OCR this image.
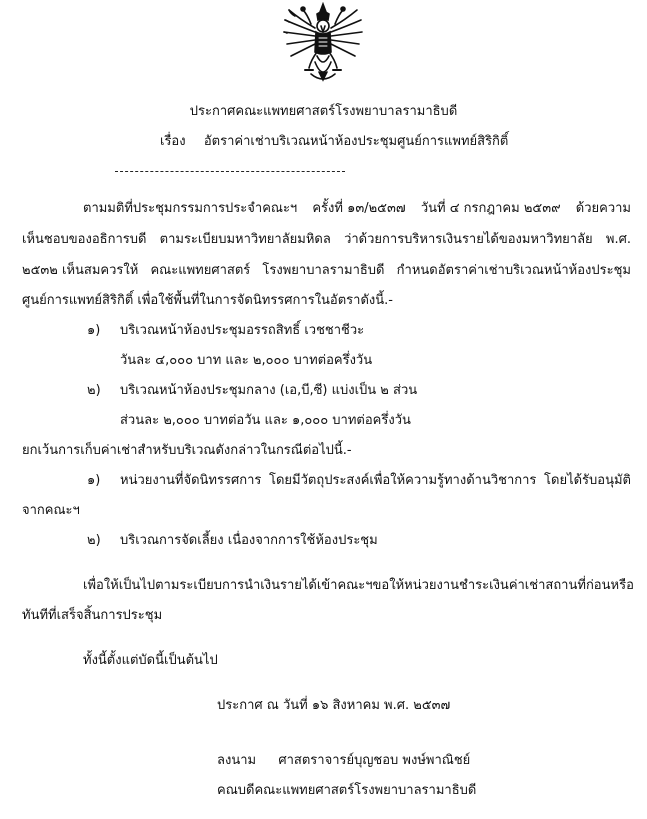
ประกาศคณะแพทยศาสตร์โรงพยาบาลรามาธิบดี
เรื่อง อัตราค่าเช่าบริเวณหน้าห้องประชุมศูนย์การแพทย์สิริกิติ์
ตามมติที่ประชุมกรรมการประจำคณะฯ ครั้งที่ ๑๓/๒๕๓๗ วันที่ ๔ กรกฎาคม ๒๕๓๙ ด้วยความ
เห็นชอบของอธิการบดี ตามระเบียบมหาวิทยาลัยมหิดล ว่าด้วยการบริหารเงินรายได้ของมหาวิทยาลัย พ.ศ.
๒๕๓๒ เห็นสมควรให้ คณะแพทยศาสตร์ โรงพยาบาลรามาธิบดี กำหนดอัตราค่าเช่าบริเวณหน้าห้องประชุม
ศูนย์การแพทย์สิริกิติ์ เพื่อใช้พื้นที่ในการจัดนิทรรศการในอัตราดังนี้.-
๑) บริเวณหน้าห้องประชุมอรรถสิทธิ์ เวชชาชีวะ
วันละ ๔,๐๐๐ บาท และ ๒,๐๐๐ บาทต่อครึ่งวัน
๒) บริเวณหน้าห้องประชุมกลาง (เอ,บี,ซี) แบ่งเป็น ๒ ส่วน
ส่วนละ ๒,๐๐๐ บาทต่อวัน และ ๑,๐๐๐ บาทต่อครึ่งวัน
ยกเว้นการเก็บค่าเช่าสำหรับบริเวณดังกล่าวในกรณีต่อไปนี้.-
๑) หน่วยงานที่จัดนิทรรศการ โดยมีวัตถุประสงค์เพื่อให้ความรู้ทางด้านวิชาการ โดยได้รับอนุมัติ
จากคณะฯ
๒) บริเวณการจัดเลี้ยง เนื่องจากการใช้ห้องประชุม
เพื่อให้เป็นไปตามระเบียบการนำเงินรายได้เข้าคณะฯ ขอให้หน่วยงานชำระเงินค่าเช่าสถานที่ก่อน หรือ
ทันทีที่เสร็จสิ้นการประชุม
ทั้งนี้ตั้งแต่บัดนี้เป็นต้นไป
ประกาศ ณ วันที่ ๑๖ สิงหาคม พ.ศ. ๒๕๓๗
ลงนาม ศาสตราจารย์บุญชอบ พงษ์พาณิชย์
คณบดีคณะแพทยศาสตร์โรงพยาบาลรามาธิบดี
